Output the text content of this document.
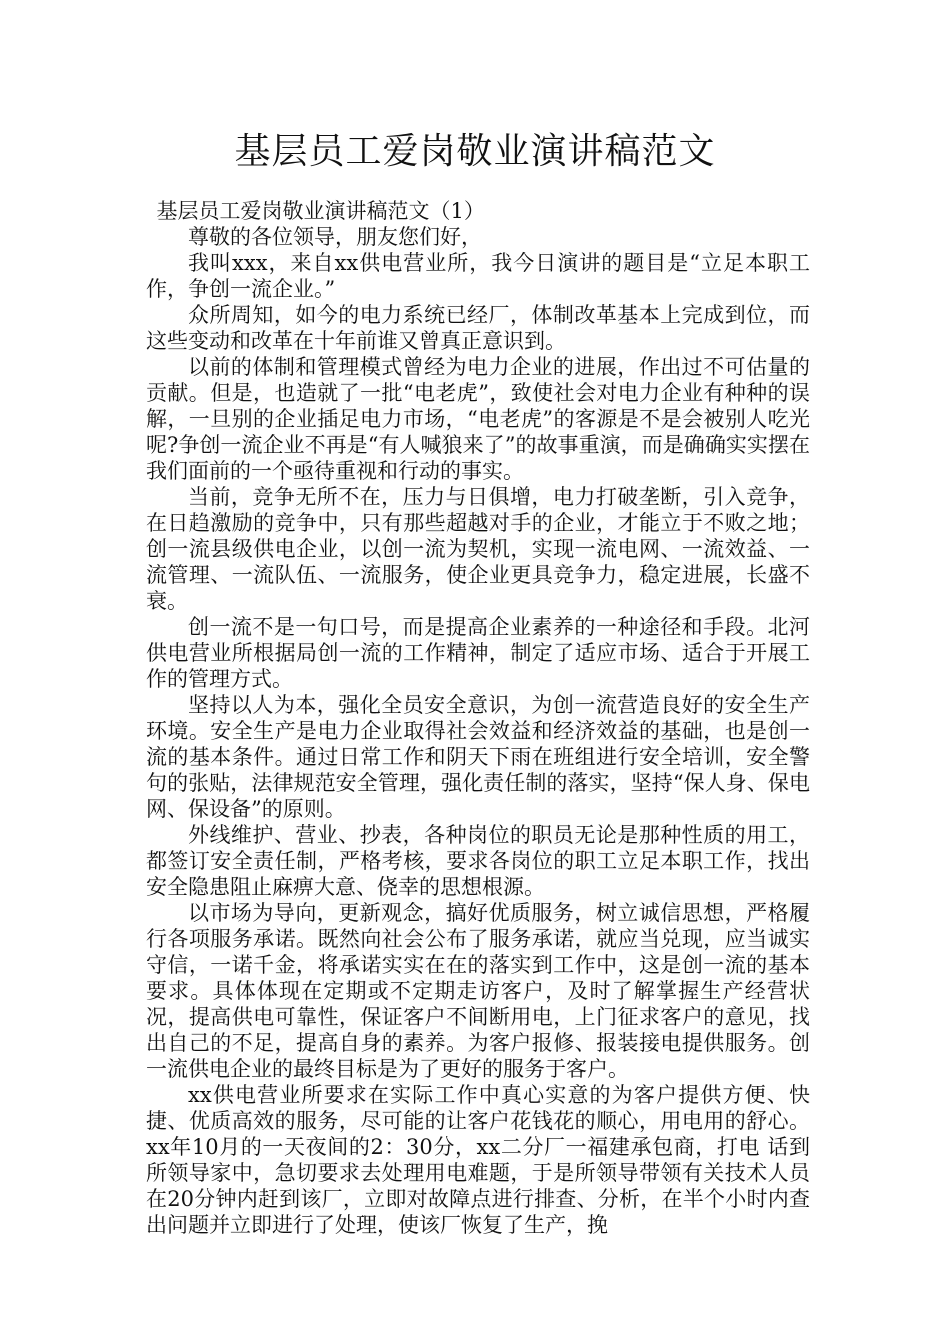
基层员工爱岗敬业演讲稿范文

基层员工爱岗敬业演讲稿范文（1）

尊敬的各位领导，朋友您们好，

我叫xxx，来自xx供电营业所，我今日演讲的题目是“立足本职工作，争创一流企业。”

众所周知，如今的电力系统已经厂，体制改革基本上完成到位，而这些变动和改革在十年前谁又曾真正意识到。

以前的体制和管理模式曾经为电力企业的进展，作出过不可估量的贡献。但是，也造就了一批“电老虎”，致使社会对电力企业有种种的误解，一旦别的企业插足电力市场，“电老虎”的客源是不是会被别人吃光呢?争创一流企业不再是“有人喊狼来了”的故事重演，而是确确实实摆在我们面前的一个亟待重视和行动的事实。

当前，竞争无所不在，压力与日俱增，电力打破垄断，引入竞争，在日趋激励的竞争中，只有那些超越对手的企业，才能立于不败之地；创一流县级供电企业，以创一流为契机，实现一流电网、一流效益、一流管理、一流队伍、一流服务，使企业更具竞争力，稳定进展，长盛不衰。

创一流不是一句口号，而是提高企业素养的一种途径和手段。北河供电营业所根据局创一流的工作精神，制定了适应市场、适合于开展工作的管理方式。

坚持以人为本，强化全员安全意识，为创一流营造良好的安全生产环境。安全生产是电力企业取得社会效益和经济效益的基础，也是创一流的基本条件。通过日常工作和阴天下雨在班组进行安全培训，安全警句的张贴，法律规范安全管理，强化责任制的落实，坚持“保人身、保电网、保设备”的原则。

外线维护、营业、抄表，各种岗位的职员无论是那种性质的用工，都签订安全责任制，严格考核，要求各岗位的职工立足本职工作，找出安全隐患阻止麻痹大意、侥幸的思想根源。

以市场为导向，更新观念，搞好优质服务，树立诚信思想，严格履行各项服务承诺。既然向社会公布了服务承诺，就应当兑现，应当诚实守信，一诺千金，将承诺实实在在的落实到工作中，这是创一流的基本要求。具体体现在定期或不定期走访客户，及时了解掌握生产经营状况，提高供电可靠性，保证客户不间断用电，上门征求客户的意见，找出自己的不足，提高自身的素养。为客户报修、报装接电提供服务。创一流供电企业的最终目标是为了更好的服务于客户。

xx供电营业所要求在实际工作中真心实意的为客户提供方便、快捷、优质高效的服务，尽可能的让客户花钱花的顺心，用电用的舒心。xx年10月的一天夜间的2：30分，xx二分厂一福建承包商，打电 话到所领导家中，急切要求去处理用电难题，于是所领导带领有关技术人员在20分钟内赶到该厂，立即对故障点进行排查、分析，在半个小时内查出问题并立即进行了处理，使该厂恢复了生产，挽
